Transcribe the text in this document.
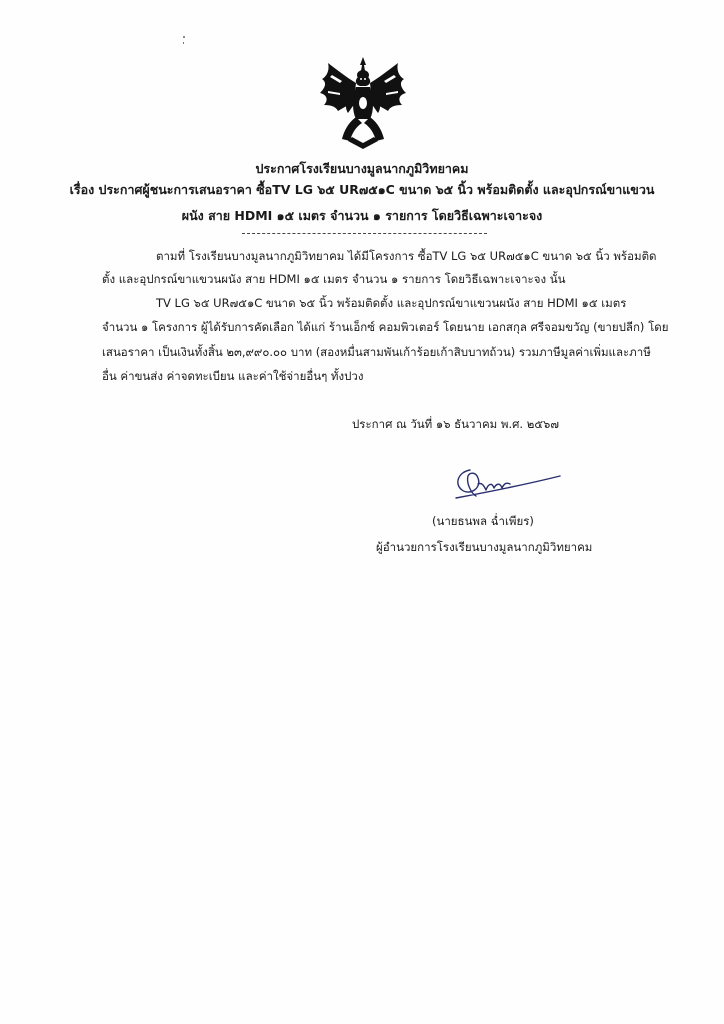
ประกาศโรงเรียนบางมูลนากภูมิวิทยาคม
เรื่อง ประกาศผู้ชนะการเสนอราคา ซื้อTV LG ๖๕ UR๗๕๑C ขนาด ๖๕ นิ้ว พร้อมติดตั้ง และอุปกรณ์ขาแขวน
ผนัง สาย HDMI ๑๕ เมตร จำนวน ๑ รายการ โดยวิธีเฉพาะเจาะจง
ตามที่ โรงเรียนบางมูลนากภูมิวิทยาคม ได้มีโครงการ ซื้อTV LG ๖๕ UR๗๕๑C ขนาด ๖๕ นิ้ว พร้อมติด
ตั้ง และอุปกรณ์ขาแขวนผนัง สาย HDMI ๑๕ เมตร จำนวน ๑ รายการ โดยวิธีเฉพาะเจาะจง นั้น
TV LG ๖๕ UR๗๕๑C ขนาด ๖๕ นิ้ว พร้อมติดตั้ง และอุปกรณ์ขาแขวนผนัง สาย HDMI ๑๕ เมตร
จำนวน ๑ โครงการ ผู้ได้รับการคัดเลือก ได้แก่ ร้านเอ็กซ์ คอมพิวเตอร์ โดยนาย เอกสกุล ศรีจอมขวัญ (ขายปลีก) โดย
เสนอราคา เป็นเงินทั้งสิ้น ๒๓,๙๙๐.๐๐ บาท (สองหมื่นสามพันเก้าร้อยเก้าสิบบาทถ้วน) รวมภาษีมูลค่าเพิ่มและภาษี
อื่น ค่าขนส่ง ค่าจดทะเบียน และค่าใช้จ่ายอื่นๆ ทั้งปวง
ประกาศ ณ วันที่ ๑๖ ธันวาคม พ.ศ. ๒๕๖๗
(นายธนพล ฉ่ำเพียร)
ผู้อำนวยการโรงเรียนบางมูลนากภูมิวิทยาคม
